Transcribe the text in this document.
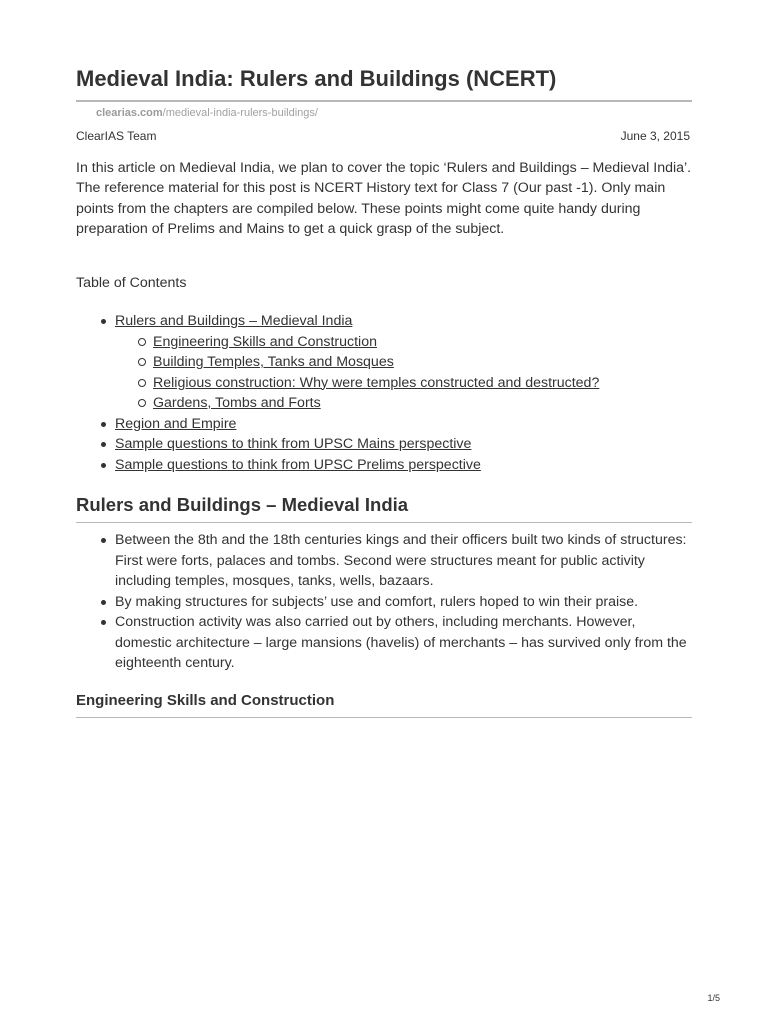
Medieval India: Rulers and Buildings (NCERT)
clearias.com/medieval-india-rulers-buildings/
ClearIAS Team	June 3, 2015

In this article on Medieval India, we plan to cover the topic ‘Rulers and Buildings – Medieval India’. The reference material for this post is NCERT History text for Class 7 (Our past -1). Only main points from the chapters are compiled below. These points might come quite handy during preparation of Prelims and Mains to get a quick grasp of the subject.

Table of Contents

Rulers and Buildings – Medieval India
Engineering Skills and Construction
Building Temples, Tanks and Mosques
Religious construction: Why were temples constructed and destructed?
Gardens, Tombs and Forts
Region and Empire
Sample questions to think from UPSC Mains perspective
Sample questions to think from UPSC Prelims perspective
Rulers and Buildings – Medieval India
Between the 8th and the 18th centuries kings and their officers built two kinds of structures: First were forts, palaces and tombs. Second were structures meant for public activity including temples, mosques, tanks, wells, bazaars.
By making structures for subjects’ use and comfort, rulers hoped to win their praise.
Construction activity was also carried out by others, including merchants. However, domestic architecture – large mansions (havelis) of merchants – has survived only from the eighteenth century.
Engineering Skills and Construction
1/5
